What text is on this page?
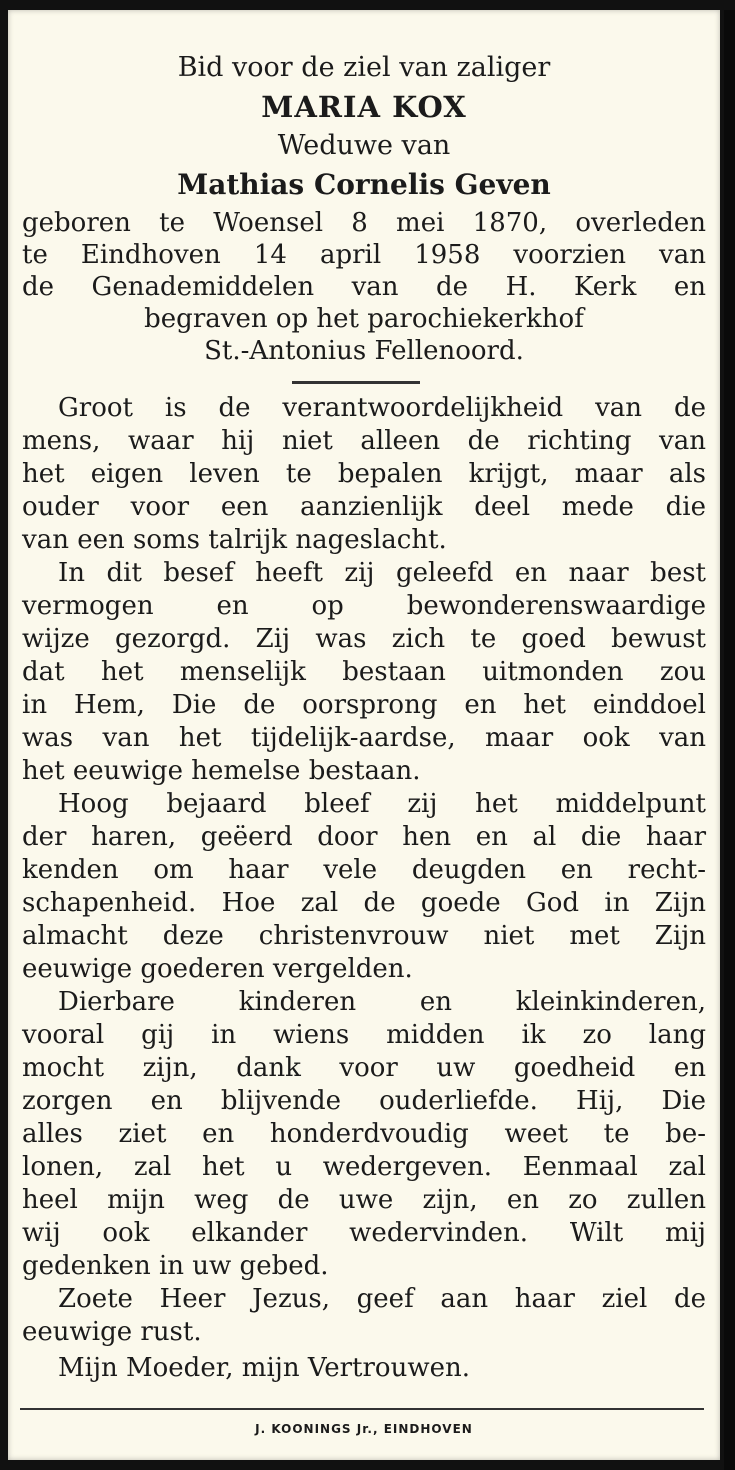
Bid voor de ziel van zaliger
MARIA KOX
Weduwe van
Mathias Cornelis Geven
geboren te Woensel 8 mei 1870, overleden
te Eindhoven 14 april 1958 voorzien van
de Genademiddelen van de H. Kerk en
begraven op het parochiekerkhof
St.-Antonius Fellenoord.
Groot is de verantwoordelijkheid van de
mens, waar hij niet alleen de richting van
het eigen leven te bepalen krijgt, maar als
ouder voor een aanzienlijk deel mede die
van een soms talrijk nageslacht.
In dit besef heeft zij geleefd en naar best
vermogen en op bewonderenswaardige
wijze gezorgd. Zij was zich te goed bewust
dat het menselijk bestaan uitmonden zou
in Hem, Die de oorsprong en het einddoel
was van het tijdelijk-aardse, maar ook van
het eeuwige hemelse bestaan.
Hoog bejaard bleef zij het middelpunt
der haren, geëerd door hen en al die haar
kenden om haar vele deugden en recht-
schapenheid. Hoe zal de goede God in Zijn
almacht deze christenvrouw niet met Zijn
eeuwige goederen vergelden.
Dierbare kinderen en kleinkinderen,
vooral gij in wiens midden ik zo lang
mocht zijn, dank voor uw goedheid en
zorgen en blijvende ouderliefde. Hij, Die
alles ziet en honderdvoudig weet te be-
lonen, zal het u wedergeven. Eenmaal zal
heel mijn weg de uwe zijn, en zo zullen
wij ook elkander wedervinden. Wilt mij
gedenken in uw gebed.
Zoete Heer Jezus, geef aan haar ziel de
eeuwige rust.
Mijn Moeder, mijn Vertrouwen.
J. KOONINGS Jr., EINDHOVEN
